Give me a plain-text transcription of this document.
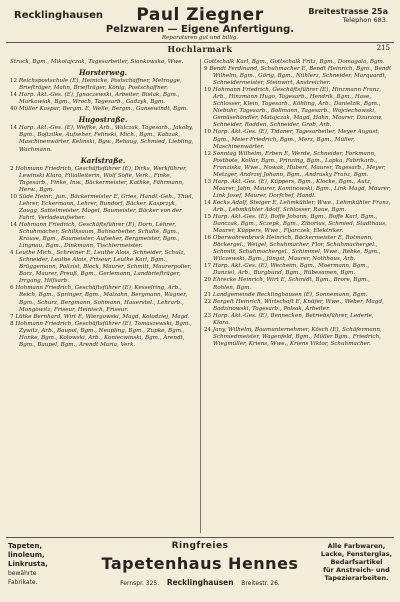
Recklinghausen	Paul Ziegner	Breitestrasse 25a
Telephon 683.
Pelzwaren — Eigene Anfertigung.
Reparaturen gut und billig.
Hochlarmark	215

Struck, Bgm., Mikolajczak, Tagesarbeiter, Siankowska, Wwe.

Horsterweg.

12 Reichspostschule (E), Heinicke, Postschaffner, Metrogge, Briefträger, Mahn, Briefträger, König, Postschaffner.

14 Harp. Akt.-Ges. (E), Jgnaczewski, Arbeiter, Bielak, Bgm., Markowiak, Bgm., Wroch, Tagesarb., Gadzyk, Bgm.

40 Müller Kaspar, Bergm. E, Welle, Bergm., Gansewindt, Bgm.

Hugostraße.

14 Harp. Akt.-Ges. (E), Weffke, Arb., Walczak, Tagesarb., Jakoby, Bgm., Bojtzilke, Aufseher, Felinski, Mich., Bgm., Kabzak, Maschinenwärter, Kelinski, Bgw., Rehaug, Schmied, Liebling, Wachmann.

Karlstraße.

2 Hohmann Friedrich, Geschäftsführer (E), Dirks, Werkführer, Lewinski Klara, Filialleiterin, Wolf Sofie, Verk., Finke, Tagesarb., Finke, Inw., Bäckermeister, Kathke, Fährmann, Herw., Bgm.

10 Süde Heinr., jun., Bäckermeister E, Gries, Handl.-Geh., Thiel, Lehrer, Eckermann, Lehrer, Rundorf, Bäcker, Kasprzyk, Zaugg, Sattelmeister, Mogel, Baumeister, Bäcker von der Fahrt, Verladeaufseher.

14 Hohmann Friedrich, Geschäftsführer (E), Dorn, Lehrer, Schuhmacher, Schilksaum, Bahnarbeiter, Schulte, Bgm., Krause, Bgm., Baumeister, Aufseher, Bergmeister, Bgm., Lingnau, Bgm., Dinkmann, Tischlermeister.

4 Leuthe Mich., Schreiner E, Leuthe Alois, Schneider, Schulz, Schneider, Leuthe Alois, Friseur, Leuthe Karl, Bgm., Brüggemann, Polizist, Block, Maurer, Schmitt, Maurerpolier, Barz, Maurer, Preuß, Bgm., Gerlemann, Landbriefträger, Irrgang, Hilfsarb.

6 Hohmann Friedrich, Geschäftsführer (E), Kesselring, Arb., Reich, Bgm., Springer, Bgm., Malzahn, Bergmann, Wagner, Bgm., Schurz, Bergmann, Sohmann, Hauerstel., Lehrarb., Mongowitz, Friseur, Heinisch, Friseur.

7 Lütke Bernhard, Wirt E, Wiergowski, Magd, Kolodziej, Magd.

8 Hohmann Friedrich, Geschäftsführer (E), Tomaszewski, Bgm., Zywitz, Arb., Baupol, Bgm., Neupling, Bgm., Zupke, Bgm., Hanke, Bgm., Kolowski, Arb., Koniecwinski, Bgm., Arendt, Bgm., Baupel, Bgm., Arendt Maria, Verk.

Gottschalk Karl, Bgm., Gottschalk Fritz, Bgm., Domagala, Bgm.

9 Bendt Ferdinand, Schuhmacher E, Bendt Heinrich, Bgm., Bendt Wilhelm, Bgm., Görig, Bgm., Nühlerz, Schneider, Marquardt, Schneidermeister, Steinwirt, Anstreicher.

10 Hohmann Friedrich, Geschäftsführer (E), Hinzmann Franz, Arb., Hinzmann Hugo, Tagesarb., Hendrik, Bgm., Hase, Schlosser, Klein, Tagesarb., Köhling, Arb., Danielzik, Bgm., Niebuhr, Tagesarb., Bollmann, Tagesarb., Wojciechowski, Gemüsehändler, Matajczak, Magd, Hahn, Maurer, Dzurzow, Schneider, Rodden, Schneider, Grob, Arb.

10 Harp. Akt.-Ges. (E), Tidaner, Tagesarbeiter, Meyer August, Bgm., Meier Friedrich, Bgm., Merz, Bgm., Müller, Maschinenwärter.

12 Sonntag Wilhelm, Erben E, Werde, Schneider, Forkmann, Postbote, Kollar, Bgm., Prinzing, Bgm., Lapka, Fabrikarb., Franziska, Wwe., Nowak, Hubert, Maurer, Tagesarb., Meyer, Metzger, Andrzej Johann, Bgm., Andrusky Franz, Bgm.

13 Harp. Akt.-Ges. (E), Küppers, Bgm., Klocke, Bgm., Autz, Maurer, Jahn, Maurer, Kaminowski, Bgm., Link Magd, Maurer, Link Josef, Maurer, Dorfchef, Handl.

14 Kocks Adolf, Steiger E, Lehmkühler, Wwe., Lehmkühler Franz, Arb., Lehmkühler Adolf, Schlosser, Raue, Bgm.

15 Harp. Akt.-Ges. (E), Boffe Johann, Bgm., Boffe Karl, Bgm., Danczak, Bgm., Sczepk, Bgm., Ziborius, Schmied, Stadthaus, Maurer, Küppers, Wwe., Fijarczek, Elektriker.

16 Oberwahrenbrock Heinrich, Bäckermeister E, Rotmann, Bäckergel., Weigel, Schuhmacher, Flor, Schuhmachergel., Schmitt, Schuhmachergel., Schimmel, Wwe., Rebke, Bgm., Wilczewski, Bgm., Jüngst, Maurer, Nothhaus, Arb.

17 Harp. Akt.-Ges. (E), Wecheim, Bgm., Moermann, Bgm., Danziel, Arb., Burgbund, Bgm., Rübesamen, Bgm.

20 Ehrecke Heinrich, Wirt E, Schmidt, Bgm., Brore, Bgm., Rohlen, Bgm.

21 Landgemeinde Recklinghausen (E), Sonnemann, Bgm.

22 Borgelt Heinrich, Wirtschaft E, Knüfer, Wwe., Weber, Magd, Badzinowski, Tagesarb., Polsak, Arbeiter.

23 Harp. Akt.-Ges. (E), Bennecken, Betriebsführer, Lederle, Klara.

24 Jany, Wilhelm, Baumunternehmer, Kösch (E), Schäfermann, Schmiedmeister, Wagenfeld, Bgm., Müller Bgm., Friedrich, Wiegmüller, Kriens, Wwe., Kriens Viktor, Schuhmacher.

Tapeten,
linoleum,
Linkrusta,
bewährte
Fabrikate.
Ringfreies
Tapetenhaus Hennes
Fernspr. 325. Recklinghausen Breitestr. 26.
Alle Farbwaren,
Lacke, Fensterglas,
Bedarfsartikel
für Anstreich- und
Tapezierarbeiten.
